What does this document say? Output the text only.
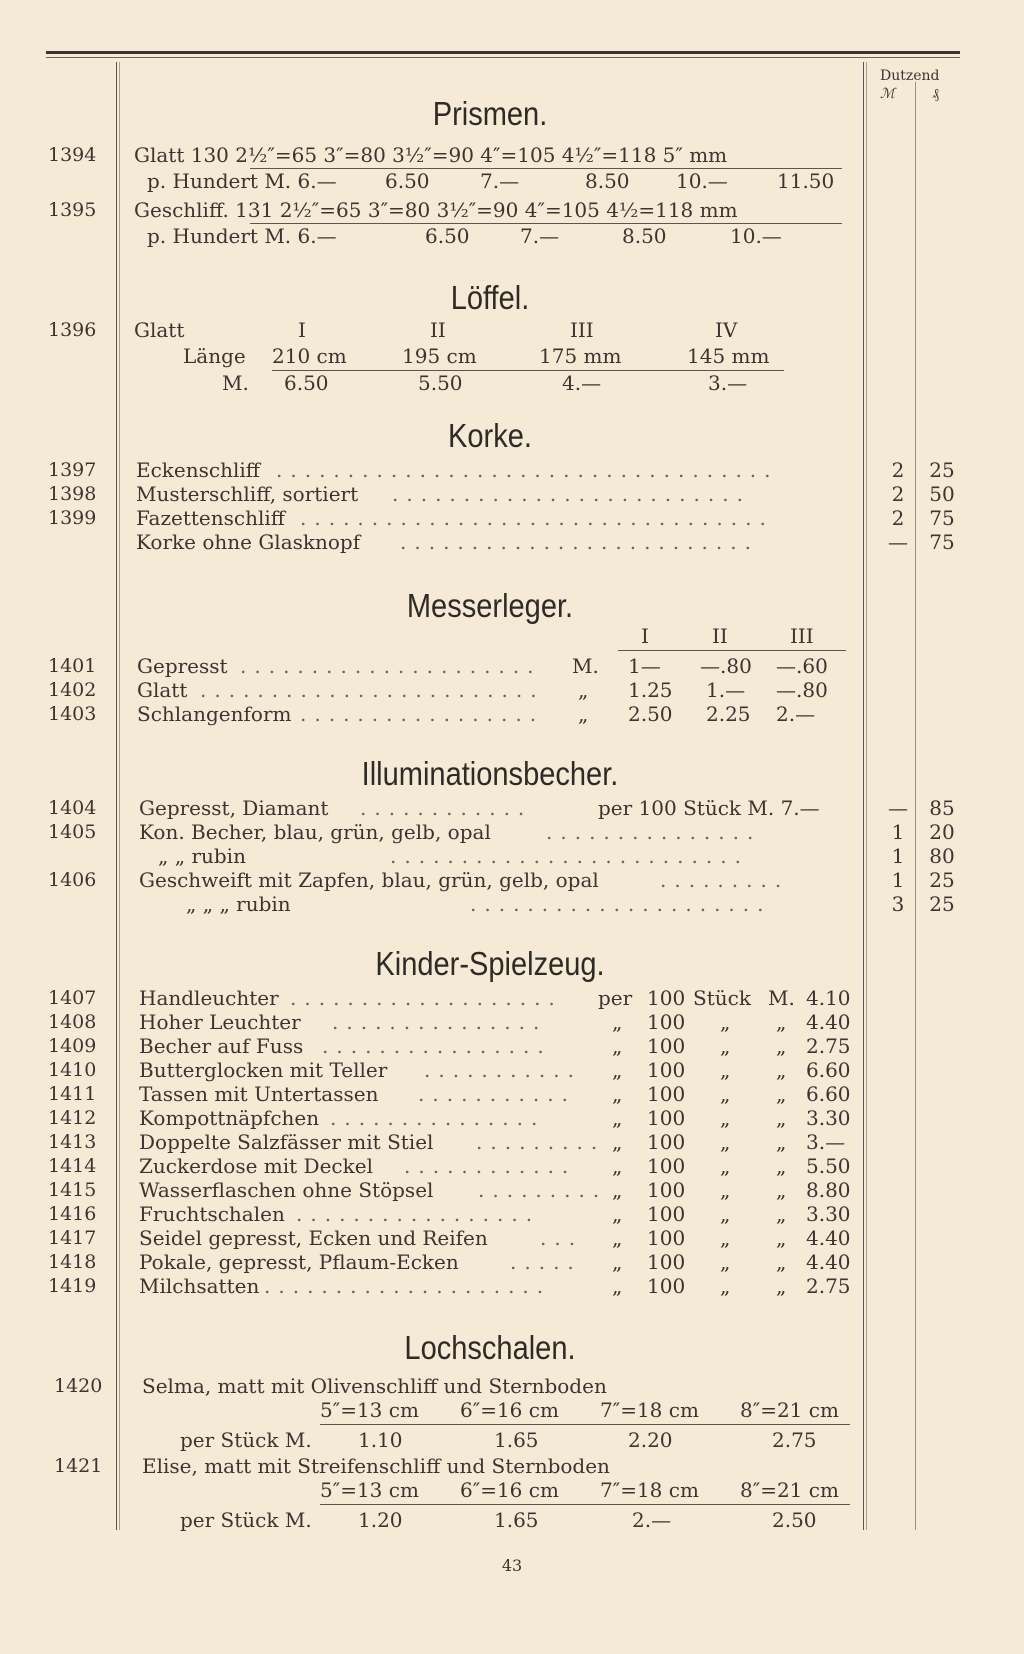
Dutzend
ℳ	₰
Prismen.
1394 Glatt 130 2½″=65 3″=80 3½″=90 4″=105 4½″=118 5″ mm
p. Hundert M. 6.— 6.50	7.—	8.50 10.— 11.50
1395 Geschliff. 131 2½″=65 3″=80 3½″=90 4″=105 4½=118 mm
p. Hundert M. 6.—	6.50	7.—	8.50	10.—
Löffel.
1396 Glatt	I	II	III	IV
Länge 210 cm	195 cm	175 mm	145 mm
M. 6.50	5.50	4.—	3.—
Korke.
1397 Eckenschliff ...................................	2	25
1398 Musterschliff, sortiert .........................	2	50
1399 Fazettenschliff .................................	2	75
Korke ohne Glasknopf .........................	—	75
Messerleger.
I	II	III
1401 Gepresst ..................... M. 1— —.80 —.60
1402 Glatt ........................ „ 1.25 1.— —.80
1403 Schlangenform ................. „ 2.50 2.25 2.—
Illuminationsbecher.
1404 Gepresst, Diamant ............	per 100 Stück M. 7.—	—	85
1405 Kon. Becher, blau, grün, gelb, opal	...............	1	20
„ „ rubin	.........................	1	80
1406 Geschweift mit Zapfen, blau, grün, gelb, opal	.........	1	25
„ „ „ rubin	.....................	3	25
Kinder-Spielzeug.
1407 Handleuchter ................... per 100 Stück M. 4.10
1408 Hoher Leuchter ...............	„ 100 „ „ 4.40
1409 Becher auf Fuss ................	„ 100 „ „ 2.75
1410 Butterglocken mit Teller ........... „ 100 „ „ 6.60
1411 Tassen mit Untertassen ........... „ 100 „ „ 6.60
1412 Kompottnäpfchen ...............	„ 100 „ „ 3.30
1413 Doppelte Salzfässer mit Stiel ......... „ 100 „ „ 3.—
1414 Zuckerdose mit Deckel ............ „ 100 „ „ 5.50
1415 Wasserflaschen ohne Stöpsel ......... „ 100 „ „ 8.80
1416 Fruchtschalen .................	„ 100 „ „ 3.30
1417 Seidel gepresst, Ecken und Reifen	... „ 100 „ „ 4.40
1418 Pokale, gepresst, Pflaum-Ecken	..... „ 100 „ „ 4.40
1419 Milchsatten ....................	„ 100 „ „ 2.75
Lochschalen.
1420 Selma, matt mit Olivenschliff und Sternboden
5″=13 cm 6″=16 cm 7″=18 cm 8″=21 cm
per Stück M. 1.10	1.65	2.20	2.75
1421 Elise, matt mit Streifenschliff und Sternboden
5″=13 cm 6″=16 cm 7″=18 cm 8″=21 cm
per Stück M. 1.20	1.65	2.—	2.50
43
